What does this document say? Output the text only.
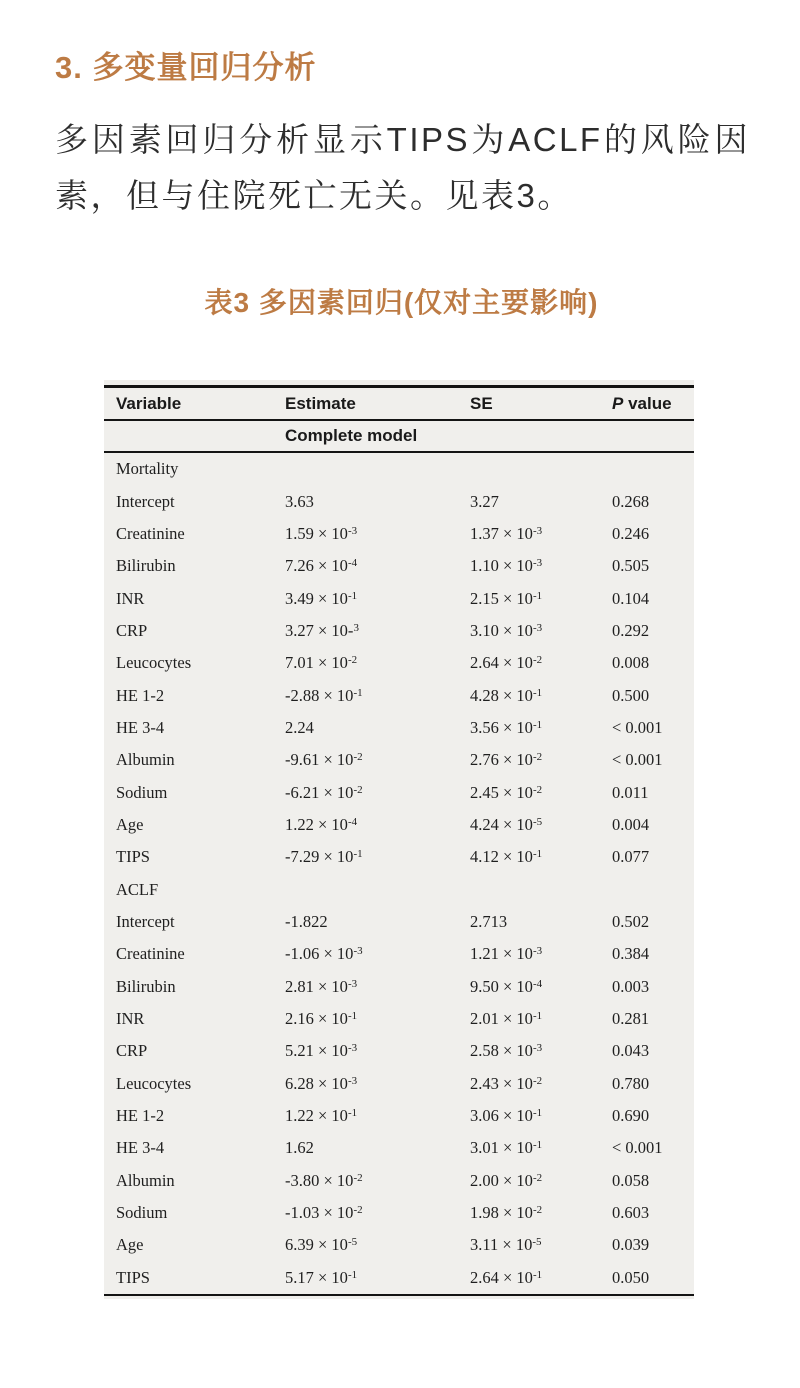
3. 多变量回归分析

多因素回归分析显示TIPS为ACLF的风险因素，但与住院死亡无关。见表3。

表3 多因素回归(仅对主要影响)
Variable	Estimate	SE	P value
Complete model
Mortality
Intercept	3.63	3.27	0.268
Creatinine	$1.59 \times 10^{-3}$	$1.37 \times 10^{-3}$	0.246
Bilirubin	$7.26 \times 10^{-4}$	$1.10 \times 10^{-3}$	0.505
INR	$3.49 \times 10^{-1}$	$2.15 \times 10^{-1}$	0.104
CRP	3.27 × 10-$^3$	$3.10 \times 10^{-3}$	0.292
Leucocytes	$7.01 \times 10^{-2}$	$2.64 \times 10^{-2}$	0.008
HE 1-2	$-2.88 \times 10^{-1}$	$4.28 \times 10^{-1}$	0.500
HE 3-4	2.24	$3.56 \times 10^{-1}$	< 0.001
Albumin	$-9.61 \times 10^{-2}$	$2.76 \times 10^{-2}$	< 0.001
Sodium	$-6.21 \times 10^{-2}$	$2.45 \times 10^{-2}$	0.011
Age	$1.22 \times 10^{-4}$	$4.24 \times 10^{-5}$	0.004
TIPS	$-7.29 \times 10^{-1}$	$4.12 \times 10^{-1}$	0.077
ACLF
Intercept	-1.822	2.713	0.502
Creatinine	$-1.06 \times 10^{-3}$	$1.21 \times 10^{-3}$	0.384
Bilirubin	$2.81 \times 10^{-3}$	$9.50 \times 10^{-4}$	0.003
INR	$2.16 \times 10^{-1}$	$2.01 \times 10^{-1}$	0.281
CRP	$5.21 \times 10^{-3}$	$2.58 \times 10^{-3}$	0.043
Leucocytes	$6.28 \times 10^{-3}$	$2.43 \times 10^{-2}$	0.780
HE 1-2	$1.22 \times 10^{-1}$	$3.06 \times 10^{-1}$	0.690
HE 3-4	1.62	$3.01 \times 10^{-1}$	< 0.001
Albumin	$-3.80 \times 10^{-2}$	$2.00 \times 10^{-2}$	0.058
Sodium	$-1.03 \times 10^{-2}$	$1.98 \times 10^{-2}$	0.603
Age	$6.39 \times 10^{-5}$	$3.11 \times 10^{-5}$	0.039
TIPS	$5.17 \times 10^{-1}$	$2.64 \times 10^{-1}$	0.050
